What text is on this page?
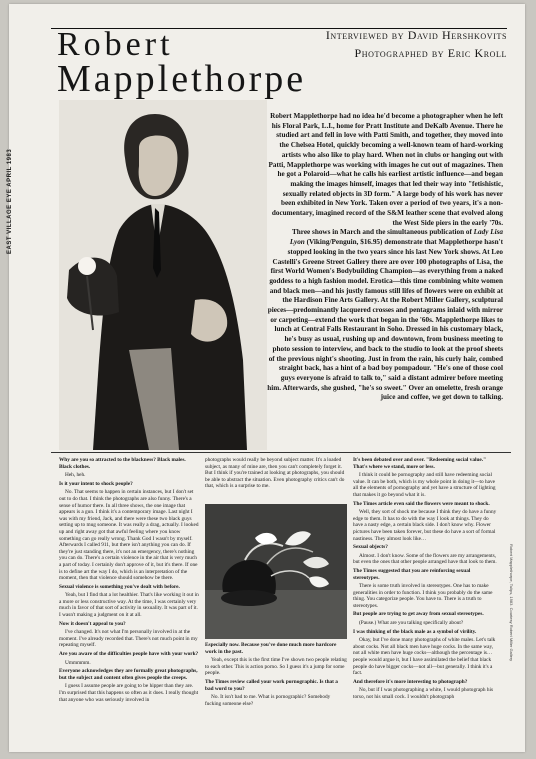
EAST VILLAGE EYE APRIL 1983
Robert
Mapplethorpe
Interviewed by David Hershkovits
Photographed by Eric Kroll

Robert Mapplethorpe had no idea he'd become a photographer when he left his Floral Park, L.I., home for Pratt Institute and DeKalb Avenue. There he studied art and fell in love with Patti Smith, and together, they moved into the Chelsea Hotel, quickly becoming a well-known team of hard-working artists who also like to play hard. When not in clubs or hanging out with Patti, Mapplethorpe was working with images he cut out of magazines. Then he got a Polaroid—what he calls his earliest artistic influence—and began making the images himself, images that led their way into "fetishistic, sexually related objects in 3D form." A large body of his work has never been exhibited in New York. Taken over a period of two years, it's a non-documentary, imagined record of the S&M leather scene that evolved along the West Side piers in the early '70s.

Three shows in March and the simultaneous publication of Lady Lisa Lyon (Viking/Penguin, $16.95) demonstrate that Mapplethorpe hasn't stopped looking in the two years since his last New York shows. At Leo Castelli's Greene Street Gallery there are over 100 photographs of Lisa, the first World Women's Bodybuilding Champion—as everything from a naked goddess to a high fashion model. Erotica—this time combining white women and black men—and his justly famous still lifes of flowers were on exhibit at the Hardison Fine Arts Gallery. At the Robert Miller Gallery, sculptural pieces—predominantly lacquered crosses and pentagrams inlaid with mirror or carpeting—extend the work that began in the '60s. Mapplethorpe likes to lunch at Central Falls Restaurant in Soho. Dressed in his customary black, he's busy as usual, rushing up and downtown, from business meeting to photo session to interview, and back to the studio to look at the proof sheets of the previous night's shooting. Just in from the rain, his curly hair, combed straight back, has a hint of a bad boy pompadour. "He's one of those cool guys everyone is afraid to talk to," said a distant admirer before meeting him. Afterwards, she gushed, "he's so sweet." Over an omelette, fresh orange juice and coffee, we get down to talking.

Why are you so attracted to the blackness? Black males. Black clothes.

Heh, heh.

Is it your intent to shock people?

No. That seems to happen in certain instances, but I don't set out to do that. I think the photographs are also funny. There's a sense of humor there. In all three shows, the one image that appears is a gun. I think it's a contemporary image. Last night I was with my friend, Jack, and there were these two black guys setting up to mug someone. It was really a drag, actually. I looked up and right away got that awful feeling where you know something can go really wrong. Thank God I wasn't by myself. Afterwards I called 911, but there isn't anything you can do. If they're just standing there, it's not an emergency, there's nothing you can do. There's a certain violence in the air that is very much a part of today. I certainly don't approve of it, but it's there. If one is to define art the way I do, which is an interpretation of the moment, then that violence should somehow be there.

Sexual violence is something you've dealt with before.

Yeah, but I find that a lot healthier. That's like working it out in a more or less constructive way. At the time, I was certainly very much in favor of that sort of activity in sexuality. It was part of it. I wasn't making a judgment on it at all.

Now it doesn't appeal to you?

I've changed. It's not what I'm personally involved in at the moment. I've already recorded that. There's not much point in my repeating myself.

Are you aware of the difficulties people have with your work?

Ummmmm.

Everyone acknowledges they are formally great photographs, but the subject and content often gives people the creeps.

I guess I assume people are going to be hipper than they are. I'm surprised that this happens so often as it does. I really thought that anyone who was seriously involved in

photographs would really be beyond subject matter. It's a loaded subject, as many of mine are, then you can't completely forget it. But I think if you're trained at looking at photographs, you should be able to abstract the situation. Even photography critics can't do that, which is a surprise to me.

Especially now. Because you've done much more hardcore work in the past.

Yeah, except this is the first time I've shown two people relating to each other. This is action porno. So I guess it's a jump for some people.

The Times review called your work pornographic. Is that a bad word to you?

No. It isn't bad to me. What is pornographic? Somebody fucking someone else?

It's been debated over and over. "Redeeming social value." That's where we stand, more or less.

I think it could be pornography and still have redeeming social value. It can be both, which is my whole point in doing it—to have all the elements of pornography and yet have a structure of lighting that makes it go beyond what it is.

The Times article even said the flowers were meant to shock.

Well, they sort of shock me because I think they do have a funny edge to them. It has to do with the way I look at things. They do have a nasty edge, a certain black side. I don't know why. Flower pictures have been taken forever, but these do have a sort of formal nastiness. They almost look like…

Sexual objects?

Almost. I don't know. Some of the flowers are my arrangements, but even the ones that other people arranged have that look to them.

The Times suggested that you are reinforcing sexual stereotypes.

There is some truth involved in stereotypes. One has to make generalities in order to function. I think you probably do the same thing. You categorize people. You have to. There is a truth to stereotypes.

But people are trying to get away from sexual stereotypes.

(Pause.) What are you talking specifically about?

I was thinking of the black male as a symbol of virility.

Okay, but I've done many photographs of white males. Let's talk about cocks. Not all black men have huge cocks. In the same way, not all white men have huge cocks—although the percentage is… people would argue it, but I have assimilated the belief that black people do have bigger cocks—not all—but generally. I think it's a fact.

And therefore it's more interesting to photograph?

No, but if I was photographing a white, I would photograph his torso, not his small cock. I wouldn't photograph

Robert Mapplethorpe, Tulips, 1983. Courtesy Robert Miller Gallery
